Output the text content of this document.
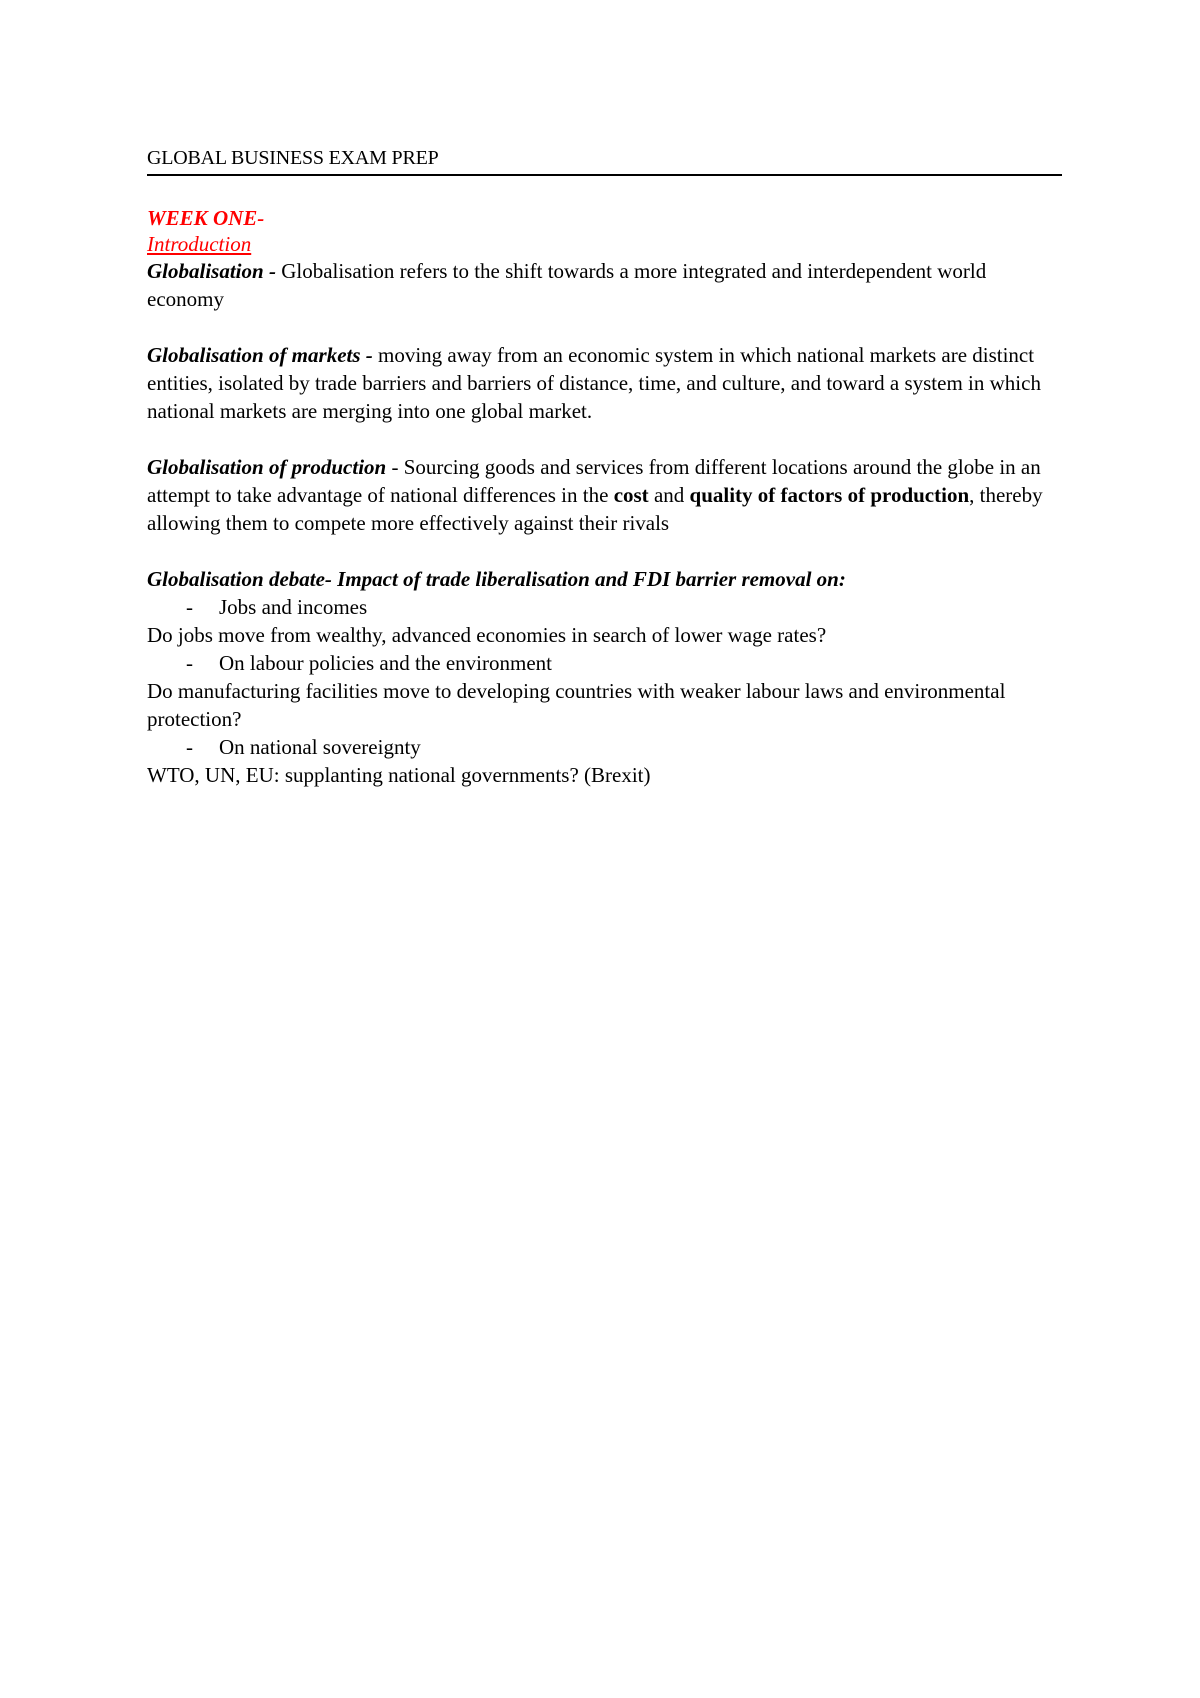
GLOBAL BUSINESS EXAM PREP
WEEK ONE-
Introduction

Globalisation - Globalisation refers to the shift towards a more integrated and interdependent world economy

Globalisation of markets - moving away from an economic system in which national markets are distinct entities, isolated by trade barriers and barriers of distance, time, and culture, and toward a system in which national markets are merging into one global market.

Globalisation of production - Sourcing goods and services from different locations around the globe in an attempt to take advantage of national differences in the cost and quality of factors of production, thereby allowing them to compete more effectively against their rivals

Globalisation debate- Impact of trade liberalisation and FDI barrier removal on:

- Jobs and incomes

Do jobs move from wealthy, advanced economies in search of lower wage rates?

- On labour policies and the environment

Do manufacturing facilities move to developing countries with weaker labour laws and environmental protection?

- On national sovereignty

WTO, UN, EU: supplanting national governments? (Brexit)
